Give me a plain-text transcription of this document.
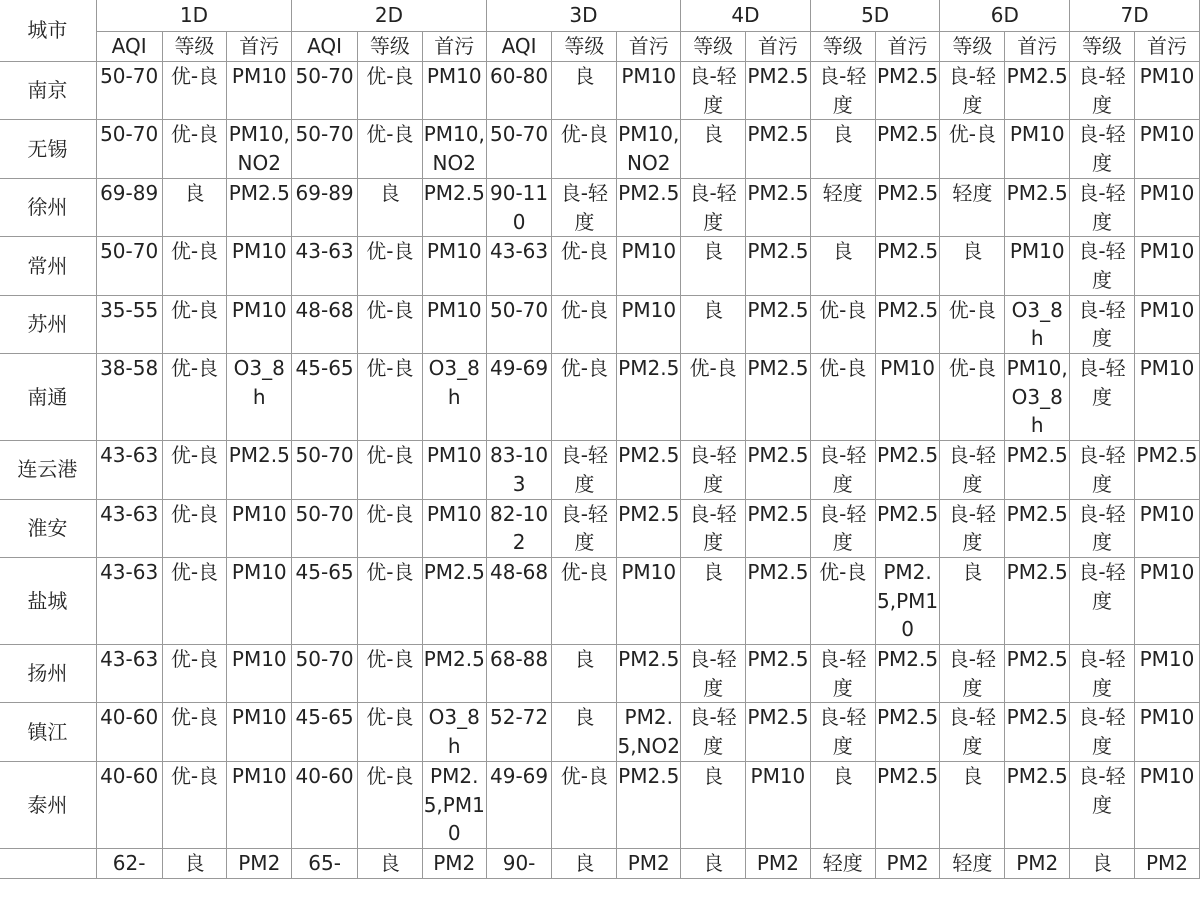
城市	1D			2D			3D			4D		5D		6D		7D	
	AQI	等级	首污	AQI	等级	首污	AQI	等级	首污	等级	首污	等级	首污	等级	首污	等级	首污
南京	50-70	优-良	PM10	50-70	优-良	PM10	60-80	良	PM10	良-轻度	PM2.5	良-轻度	PM2.5	良-轻度	PM2.5	良-轻度	PM10
无锡	50-70	优-良	PM10,NO2	50-70	优-良	PM10,NO2	50-70	优-良	PM10,NO2	良	PM2.5	良	PM2.5	优-良	PM10	良-轻度	PM10
徐州	69-89	良	PM2.5	69-89	良	PM2.5	90-110	良-轻度	PM2.5	良-轻度	PM2.5	轻度	PM2.5	轻度	PM2.5	良-轻度	PM10
常州	50-70	优-良	PM10	43-63	优-良	PM10	43-63	优-良	PM10	良	PM2.5	良	PM2.5	良	PM10	良-轻度	PM10
苏州	35-55	优-良	PM10	48-68	优-良	PM10	50-70	优-良	PM10	良	PM2.5	优-良	PM2.5	优-良	O3_8h	良-轻度	PM10
南通	38-58	优-良	O3_8h	45-65	优-良	O3_8h	49-69	优-良	PM2.5	优-良	PM2.5	优-良	PM10	优-良	PM10,O3_8h	良-轻度	PM10
连云港	43-63	优-良	PM2.5	50-70	优-良	PM10	83-103	良-轻度	PM2.5	良-轻度	PM2.5	良-轻度	PM2.5	良-轻度	PM2.5	良-轻度	PM2.5
淮安	43-63	优-良	PM10	50-70	优-良	PM10	82-102	良-轻度	PM2.5	良-轻度	PM2.5	良-轻度	PM2.5	良-轻度	PM2.5	良-轻度	PM10
盐城	43-63	优-良	PM10	45-65	优-良	PM2.5	48-68	优-良	PM10	良	PM2.5	优-良	PM2.5,PM10	良	PM2.5	良-轻度	PM10
扬州	43-63	优-良	PM10	50-70	优-良	PM2.5	68-88	良	PM2.5	良-轻度	PM2.5	良-轻度	PM2.5	良-轻度	PM2.5	良-轻度	PM10
镇江	40-60	优-良	PM10	45-65	优-良	O3_8h	52-72	良	PM2.5,NO2	良-轻度	PM2.5	良-轻度	PM2.5	良-轻度	PM2.5	良-轻度	PM10
泰州	40-60	优-良	PM10	40-60	优-良	PM2.5,PM10	49-69	优-良	PM2.5	良	PM10	良	PM2.5	良	PM2.5	良-轻度	PM10
	62-	良	PM2	65-	良	PM2	90-	良	PM2	良	PM2	轻度	PM2	轻度	PM2	良	PM2
